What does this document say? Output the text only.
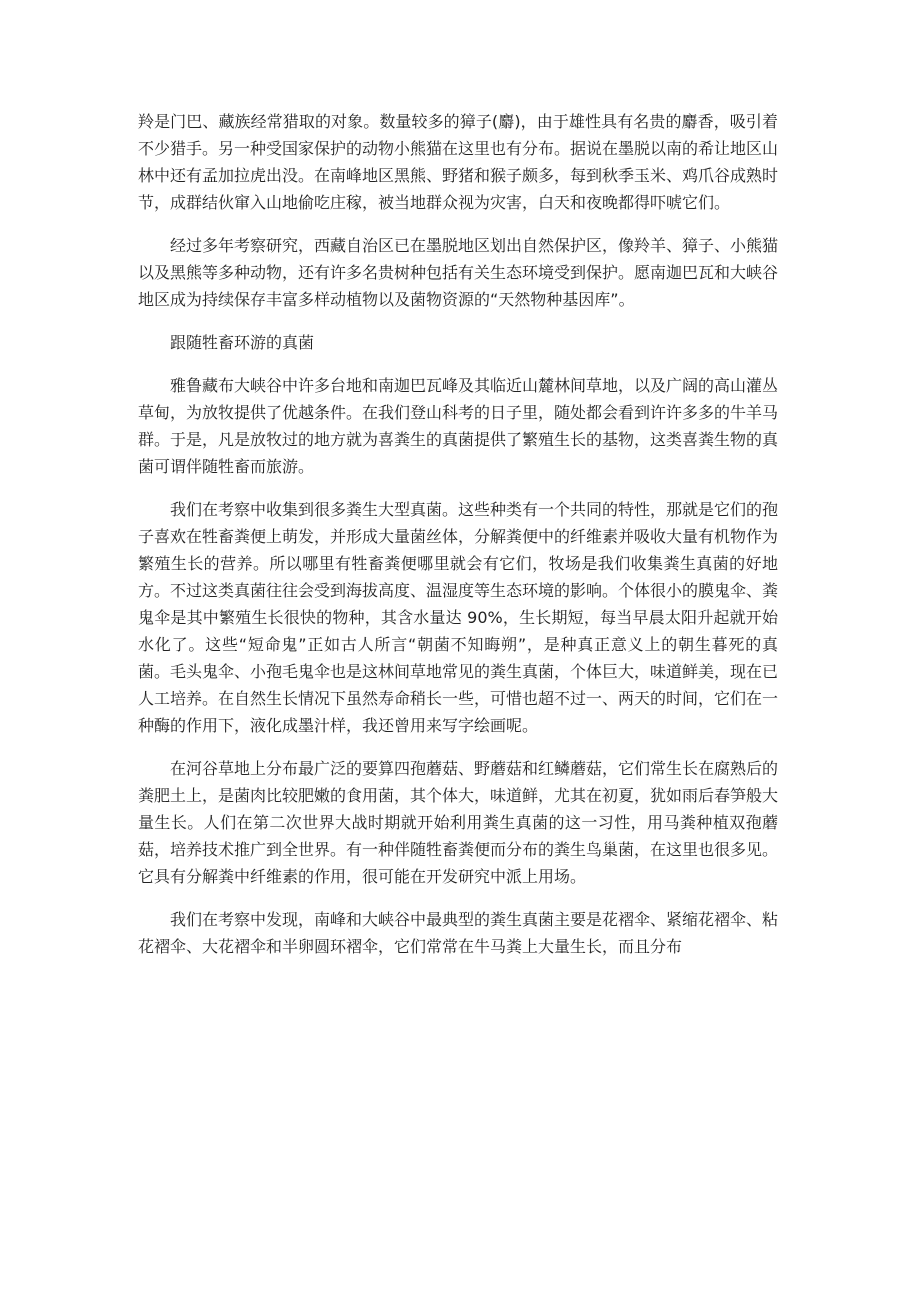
羚是门巴、藏族经常猎取的对象。数量较多的獐子(麝)，由于雄性具有名贵的麝香，吸引着不少猎手。另一种受国家保护的动物小熊猫在这里也有分布。据说在墨脱以南的希让地区山林中还有孟加拉虎出没。在南峰地区黑熊、野猪和猴子颇多，每到秋季玉米、鸡爪谷成熟时节，成群结伙窜入山地偷吃庄稼，被当地群众视为灾害，白天和夜晚都得吓唬它们。

经过多年考察研究，西藏自治区已在墨脱地区划出自然保护区，像羚羊、獐子、小熊猫以及黑熊等多种动物，还有许多名贵树种包括有关生态环境受到保护。愿南迦巴瓦和大峡谷地区成为持续保存丰富多样动植物以及菌物资源的“天然物种基因库”。

跟随牲畜环游的真菌

雅鲁藏布大峡谷中许多台地和南迦巴瓦峰及其临近山麓林间草地，以及广阔的高山灌丛草甸，为放牧提供了优越条件。在我们登山科考的日子里，随处都会看到许许多多的牛羊马群。于是，凡是放牧过的地方就为喜粪生的真菌提供了繁殖生长的基物，这类喜粪生物的真菌可谓伴随牲畜而旅游。

我们在考察中收集到很多粪生大型真菌。这些种类有一个共同的特性，那就是它们的孢子喜欢在牲畜粪便上萌发，并形成大量菌丝体，分解粪便中的纤维素并吸收大量有机物作为繁殖生长的营养。所以哪里有牲畜粪便哪里就会有它们，牧场是我们收集粪生真菌的好地方。不过这类真菌往往会受到海拔高度、温湿度等生态环境的影响。个体很小的膜鬼伞、粪鬼伞是其中繁殖生长很快的物种，其含水量达 90%，生长期短，每当早晨太阳升起就开始水化了。这些“短命鬼”正如古人所言“朝菌不知晦朔”，是种真正意义上的朝生暮死的真菌。毛头鬼伞、小孢毛鬼伞也是这林间草地常见的粪生真菌，个体巨大，味道鲜美，现在已人工培养。在自然生长情况下虽然寿命稍长一些，可惜也超不过一、两天的时间，它们在一种酶的作用下，液化成墨汁样，我还曾用来写字绘画呢。

在河谷草地上分布最广泛的要算四孢蘑菇、野蘑菇和红鳞蘑菇，它们常生长在腐熟后的粪肥土上，是菌肉比较肥嫩的食用菌，其个体大，味道鲜，尤其在初夏，犹如雨后春笋般大量生长。人们在第二次世界大战时期就开始利用粪生真菌的这一习性，用马粪种植双孢蘑菇，培养技术推广到全世界。有一种伴随牲畜粪便而分布的粪生鸟巢菌，在这里也很多见。它具有分解粪中纤维素的作用，很可能在开发研究中派上用场。

我们在考察中发现，南峰和大峡谷中最典型的粪生真菌主要是花褶伞、紧缩花褶伞、粘花褶伞、大花褶伞和半卵圆环褶伞，它们常常在牛马粪上大量生长，而且分布
